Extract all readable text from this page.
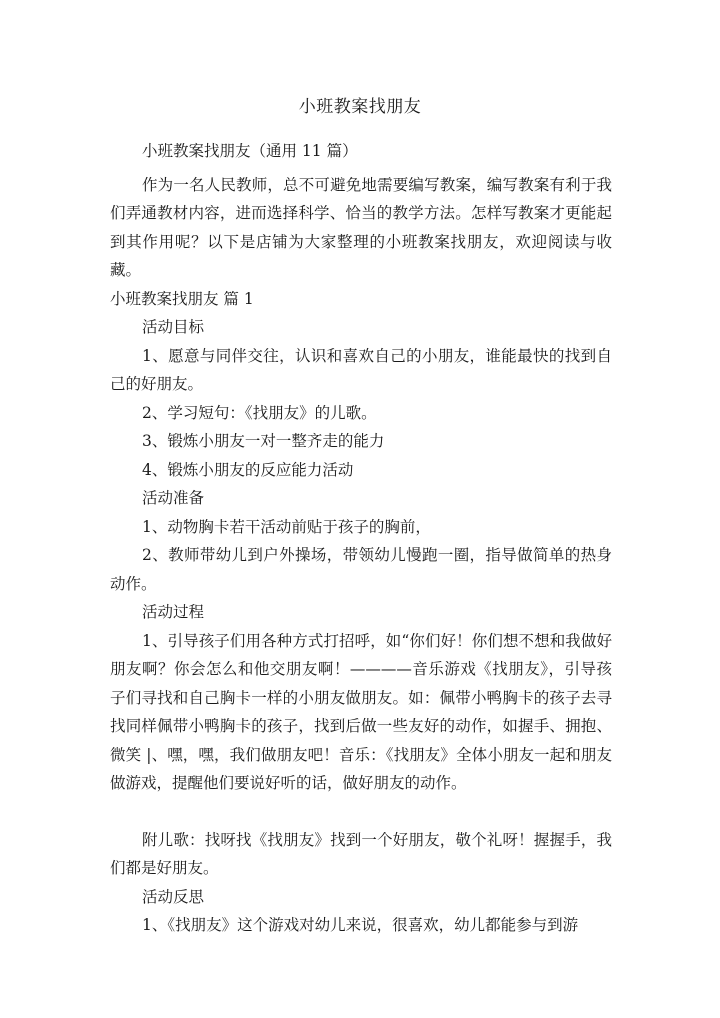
小班教案找朋友

小班教案找朋友（通用 11 篇）

作为一名人民教师，总不可避免地需要编写教案，编写教案有利于我们弄通教材内容，进而选择科学、恰当的教学方法。怎样写教案才更能起到其作用呢？以下是店铺为大家整理的小班教案找朋友，欢迎阅读与收藏。

小班教案找朋友 篇 1

活动目标

1、愿意与同伴交往，认识和喜欢自己的小朋友，谁能最快的找到自己的好朋友。

2、学习短句：《找朋友》的儿歌。

3、锻炼小朋友一对一整齐走的能力

4、锻炼小朋友的反应能力活动

活动准备

1、动物胸卡若干活动前贴于孩子的胸前，

2、教师带幼儿到户外操场，带领幼儿慢跑一圈，指导做简单的热身动作。

活动过程

1、引导孩子们用各种方式打招呼，如“你们好！你们想不想和我做好朋友啊？你会怎么和他交朋友啊！————音乐游戏《找朋友》，引导孩子们寻找和自己胸卡一样的小朋友做朋友。如：佩带小鸭胸卡的孩子去寻找同样佩带小鸭胸卡的孩子，找到后做一些友好的动作，如握手、拥抱、微笑 |、嘿，嘿，我们做朋友吧！音乐：《找朋友》全体小朋友一起和朋友做游戏，提醒他们要说好听的话，做好朋友的动作。

附儿歌：找呀找《找朋友》找到一个好朋友，敬个礼呀！握握手，我们都是好朋友。

活动反思

1、《找朋友》这个游戏对幼儿来说，很喜欢，幼儿都能参与到游
